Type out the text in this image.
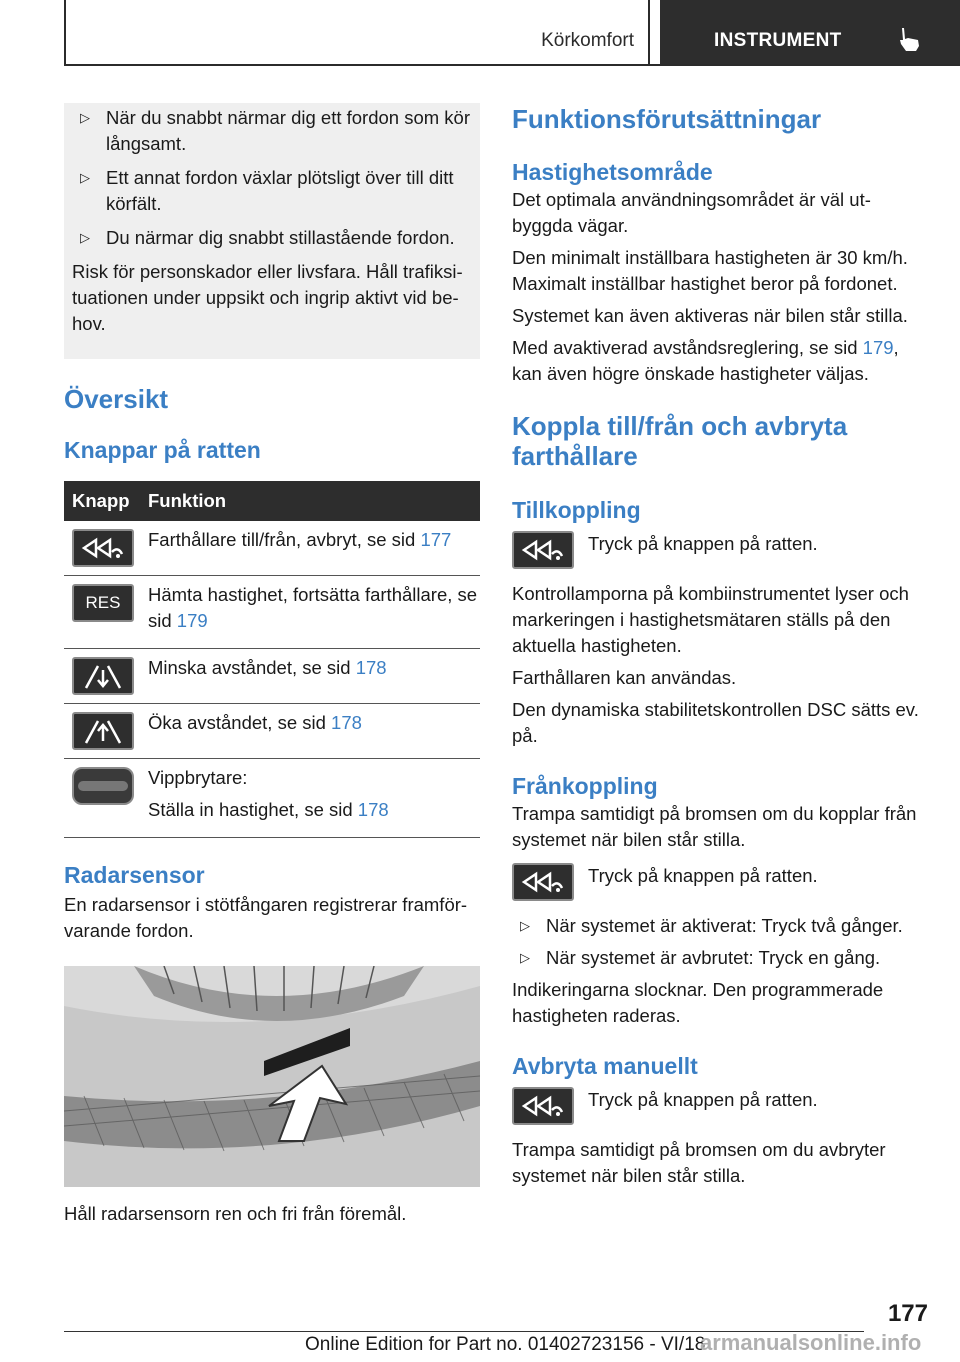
Körkomfort	INSTRUMENT
▷ När du snabbt närmar dig ett fordon som kör långsamt.
▷ Ett annat fordon växlar plötsligt över till ditt körfält.
▷ Du närmar dig snabbt stillastående fordon.

Risk för personskador eller livsfara. Håll trafiksi-tuationen under uppsikt och ingrip aktivt vid be-hov.

Översikt
Knappar på ratten
Knapp	Funktion

	Farthållare till/från, avbryt, se sid 177

RES	Hämta hastighet, fortsätta farthållare, se sid 179

	Minska avståndet, se sid 178

	Öka avståndet, se sid 178

	Vippbrytare:
Ställa in hastighet, se sid 178
Radarsensor

En radarsensor i stötfångaren registrerar framför-varande fordon.

Håll radarsensorn ren och fri från föremål.

Funktionsförutsättningar
Hastighetsområde

Det optimala användningsområdet är väl ut-byggda vägar.

Den minimalt inställbara hastigheten är 30 km/h. Maximalt inställbar hastighet beror på fordonet.

Systemet kan även aktiveras när bilen står stilla.

Med avaktiverad avståndsreglering, se sid 179,
kan även högre önskade hastigheter väljas.

Koppla till/från och avbryta farthållare
Tillkoppling
Tryck på knappen på ratten.

Kontrollamporna på kombiinstrumentet lyser och markeringen i hastighetsmätaren ställs på den aktuella hastigheten.

Farthållaren kan användas.

Den dynamiska stabilitetskontrollen DSC sätts ev. på.

Frånkoppling

Trampa samtidigt på bromsen om du kopplar från systemet när bilen står stilla.

Tryck på knappen på ratten.
▷ När systemet är aktiverat: Tryck två gånger.
▷ När systemet är avbrutet: Tryck en gång.

Indikeringarna slocknar. Den programmerade hastigheten raderas.

Avbryta manuellt
Tryck på knappen på ratten.

Trampa samtidigt på bromsen om du avbryter systemet när bilen står stilla.

177
Online Edition for Part no. 01402723156 - VI/18
armanualsonline.info
